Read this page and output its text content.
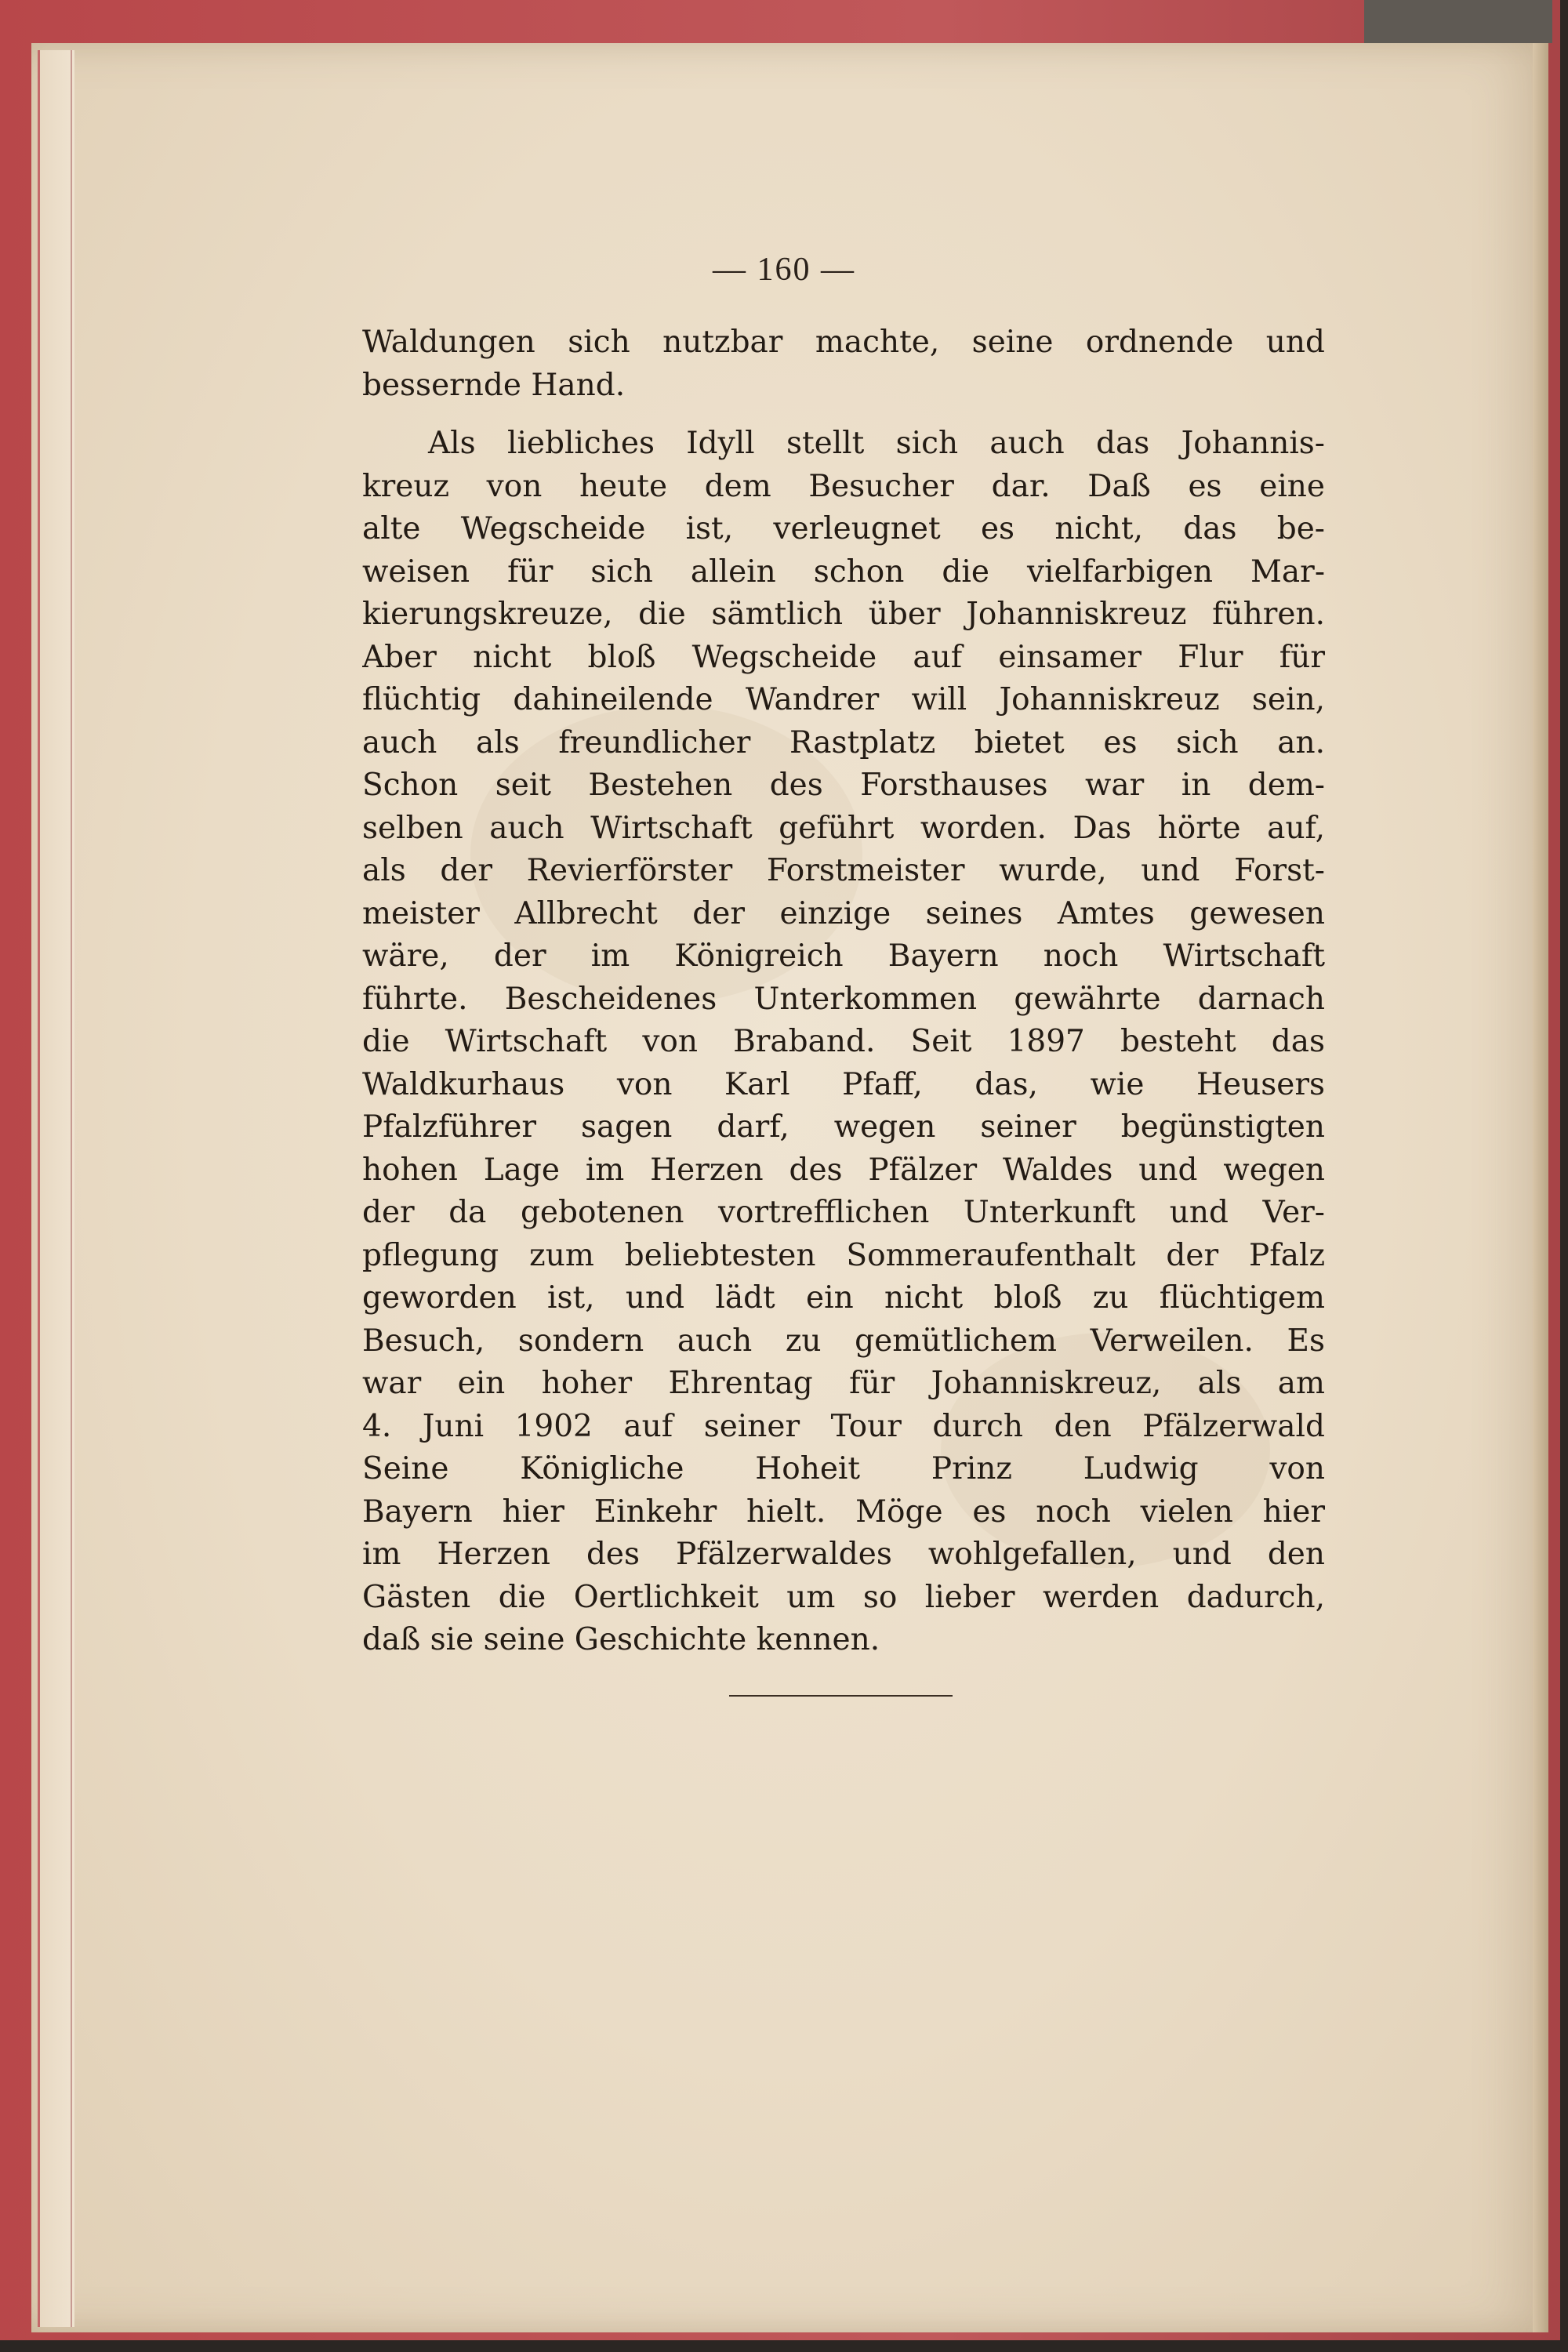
— 160 —
Waldungen sich nutzbar machte, seine ordnende und
bessernde Hand.
Als liebliches Idyll stellt sich auch das Johannis-
kreuz von heute dem Besucher dar. Daß es eine
alte Wegscheide ist, verleugnet es nicht, das be-
weisen für sich allein schon die vielfarbigen Mar-
kierungskreuze, die sämtlich über Johanniskreuz führen.
Aber nicht bloß Wegscheide auf einsamer Flur für
flüchtig dahineilende Wandrer will Johanniskreuz sein,
auch als freundlicher Rastplatz bietet es sich an.
Schon seit Bestehen des Forsthauses war in dem-
selben auch Wirtschaft geführt worden. Das hörte auf,
als der Revierförster Forstmeister wurde, und Forst-
meister Allbrecht der einzige seines Amtes gewesen
wäre, der im Königreich Bayern noch Wirtschaft
führte. Bescheidenes Unterkommen gewährte darnach
die Wirtschaft von Braband. Seit 1897 besteht das
Waldkurhaus von Karl Pfaff, das, wie Heusers
Pfalzführer sagen darf, wegen seiner begünstigten
hohen Lage im Herzen des Pfälzer Waldes und wegen
der da gebotenen vortrefflichen Unterkunft und Ver-
pflegung zum beliebtesten Sommeraufenthalt der Pfalz
geworden ist, und lädt ein nicht bloß zu flüchtigem
Besuch, sondern auch zu gemütlichem Verweilen. Es
war ein hoher Ehrentag für Johanniskreuz, als am
4. Juni 1902 auf seiner Tour durch den Pfälzerwald
Seine Königliche Hoheit Prinz Ludwig von
Bayern hier Einkehr hielt. Möge es noch vielen hier
im Herzen des Pfälzerwaldes wohlgefallen, und den
Gästen die Oertlichkeit um so lieber werden dadurch,
daß sie seine Geschichte kennen.
